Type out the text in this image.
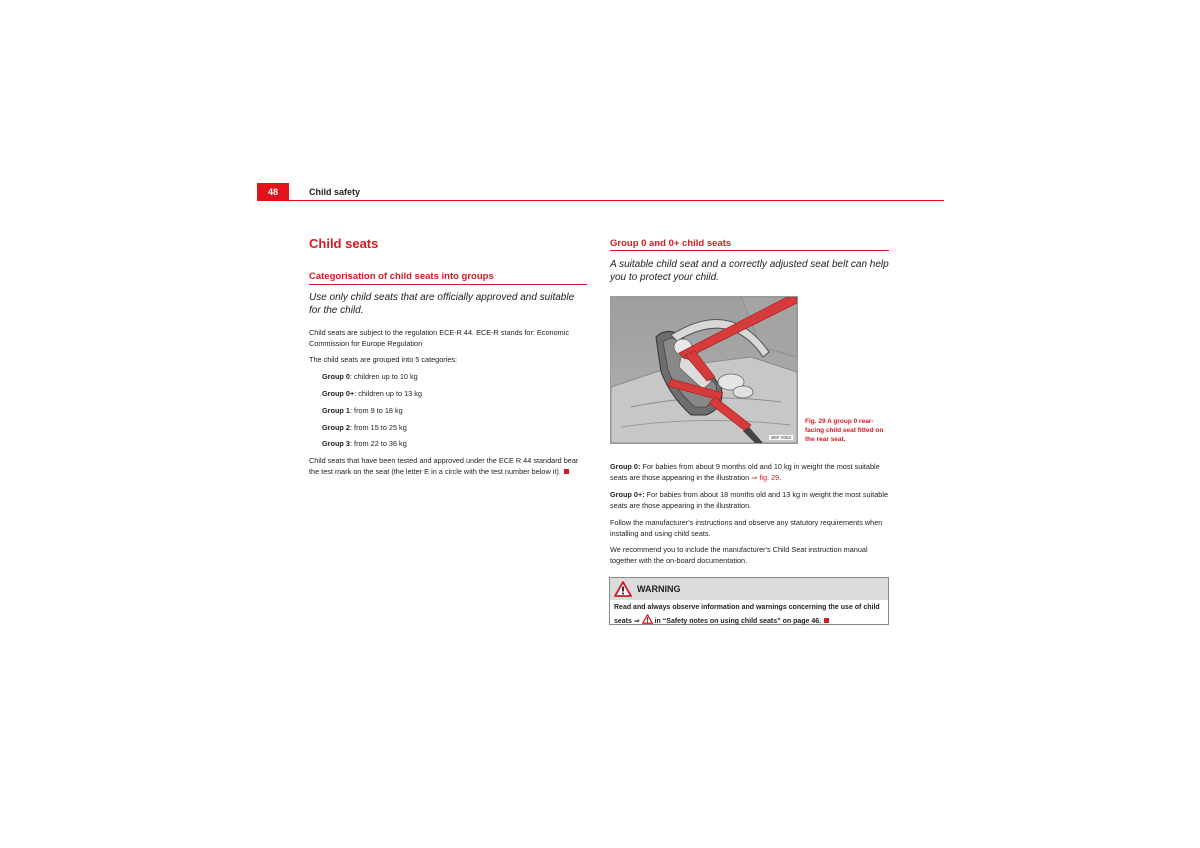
48	Child safety
Child seats
Categorisation of child seats into groups
Use only child seats that are officially approved and suitable for the child.
Child seats are subject to the regulation ECE-R 44. ECE-R stands for: Economic Commission for Europe Regulation
The child seats are grouped into 5 categories:
Group 0: children up to 10 kg
Group 0+: children up to 13 kg
Group 1: from 9 to 18 kg
Group 2: from 15 to 25 kg
Group 3: from 22 to 36 kg
Child seats that have been tested and approved under the ECE R 44 standard bear the test mark on the seat (the letter E in a circle with the test number below it).
Group 0 and 0+ child seats
A suitable child seat and a correctly adjusted seat belt can help you to protect your child.
B5F-0062
Fig. 29 A group 0 rear-facing child seat fitted on the rear seat.
Group 0: For babies from about 9 months old and 10 kg in weight the most suitable seats are those appearing in the illustration ⇒ fig. 29.
Group 0+: For babies from about 18 months old and 13 kg in weight the most suitable seats are those appearing in the illustration.
Follow the manufacturer's instructions and observe any statutory requirements when installing and using child seats.
We recommend you to include the manufacturer's Child Seat instruction manual together with the on-board documentation.
WARNING
Read and always observe information and warnings concerning the use of child seats ⇒  in “Safety notes on using child seats” on page 46.
